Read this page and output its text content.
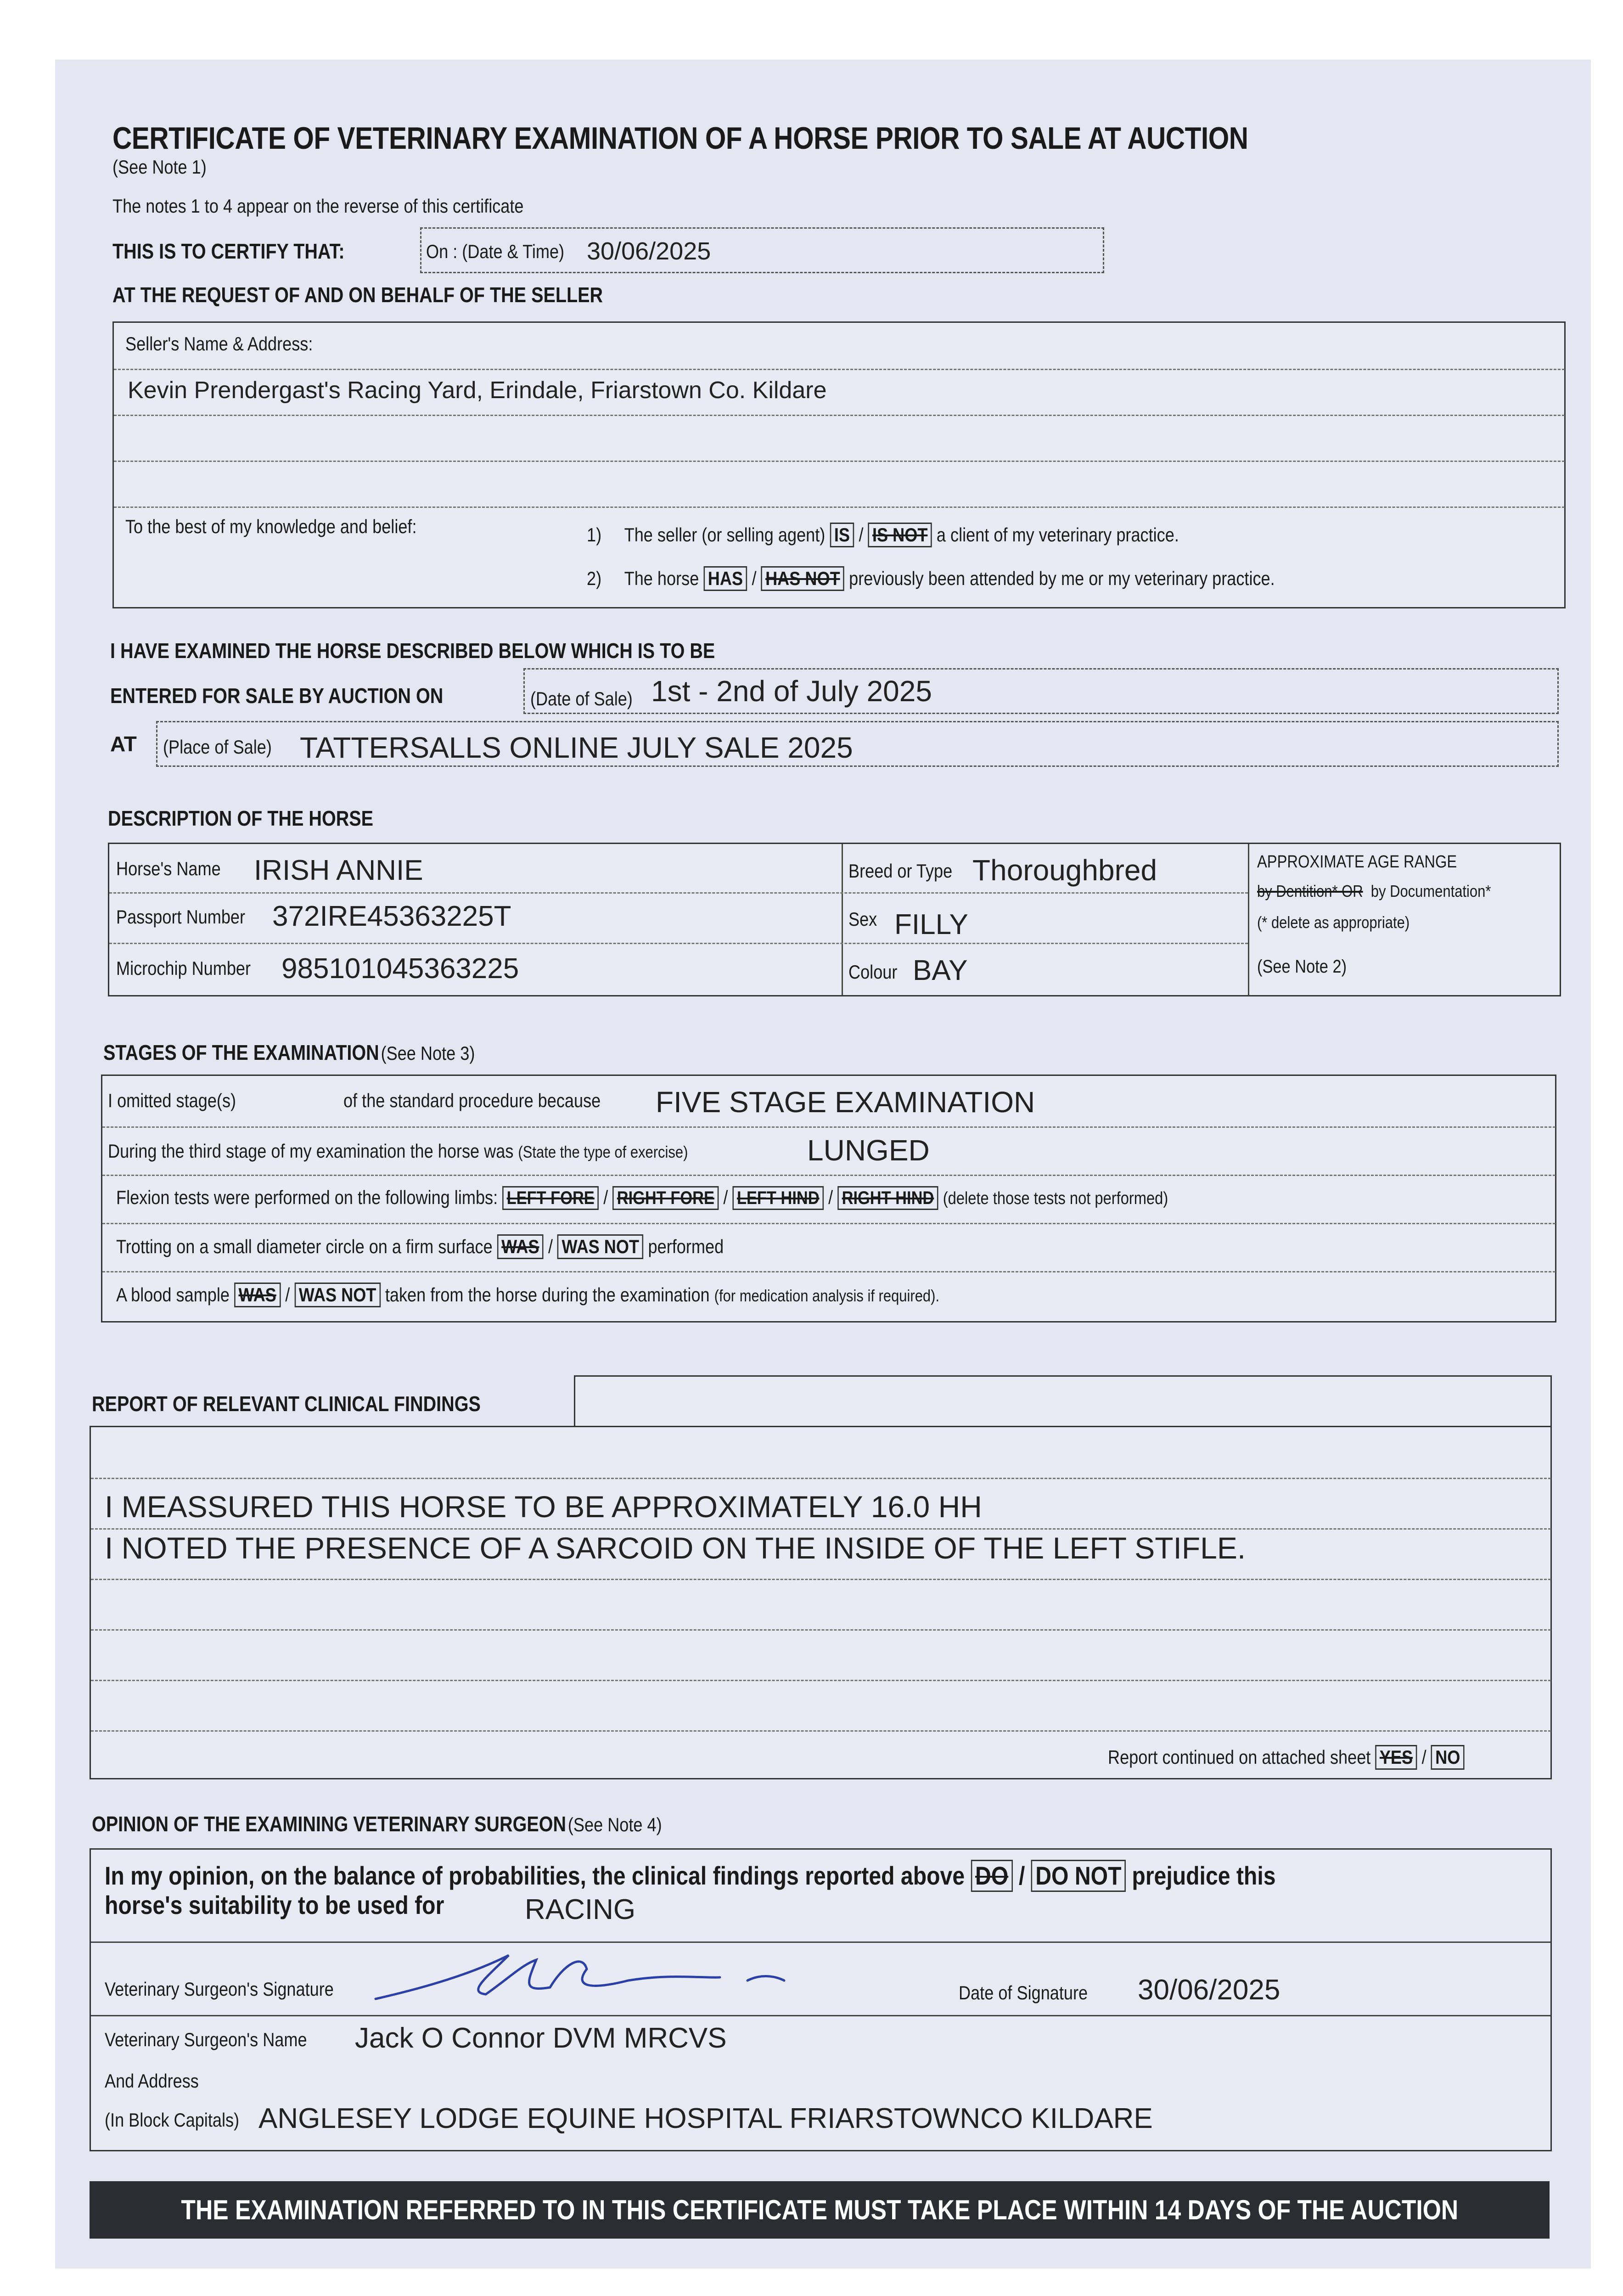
CERTIFICATE OF VETERINARY EXAMINATION OF A HORSE PRIOR TO SALE AT AUCTION
(See Note 1)
The notes 1 to 4 appear on the reverse of this certificate
THIS IS TO CERTIFY THAT:	On : (Date & Time) 30/06/2025
AT THE REQUEST OF AND ON BEHALF OF THE SELLER
Seller's Name & Address:
Kevin Prendergast's Racing Yard, Erindale, Friarstown Co. Kildare
To the best of my knowledge and belief:	1) The seller (or selling agent) IS / IS NOT a client of my veterinary practice.
2) The horse HAS / HAS NOT previously been attended by me or my veterinary practice.
I HAVE EXAMINED THE HORSE DESCRIBED BELOW WHICH IS TO BE
ENTERED FOR SALE BY AUCTION ON	(Date of Sale) 1st - 2nd of July 2025
AT (Place of Sale) TATTERSALLS ONLINE JULY SALE 2025
DESCRIPTION OF THE HORSE
Horse's Name	IRISH ANNIE
Passport Number 372IRE45363225T
Microchip Number	985101045363225
Breed or Type Thoroughbred
Sex FILLY
Colour BAY
APPROXIMATE AGE RANGE
by Dentition* OR by Documentation*
(* delete as appropriate)
(See Note 2)
STAGES OF THE EXAMINATION (See Note 3)
I omitted stage(s)	of the standard procedure because	FIVE STAGE EXAMINATION
During the third stage of my examination the horse was (State the type of exercise)	LUNGED
Flexion tests were performed on the following limbs: LEFT FORE / RIGHT FORE / LEFT HIND / RIGHT HIND (delete those tests not performed)
Trotting on a small diameter circle on a firm surface WAS / WAS NOT performed
A blood sample WAS / WAS NOT taken from the horse during the examination (for medication analysis if required).
REPORT OF RELEVANT CLINICAL FINDINGS
I MEASSURED THIS HORSE TO BE APPROXIMATELY 16.0 HH
I NOTED THE PRESENCE OF A SARCOID ON THE INSIDE OF THE LEFT STIFLE.
Report continued on attached sheet YES / NO
OPINION OF THE EXAMINING VETERINARY SURGEON (See Note 4)
In my opinion, on the balance of probabilities, the clinical findings reported above DO / DO NOT prejudice this
horse's suitability to be used for	RACING
Veterinary Surgeon's Signature	Date of Signature	30/06/2025
Veterinary Surgeon's Name	Jack O Connor DVM MRCVS
And Address
(In Block Capitals) ANGLESEY LODGE EQUINE HOSPITAL FRIARSTOWNCO KILDARE
THE EXAMINATION REFERRED TO IN THIS CERTIFICATE MUST TAKE PLACE WITHIN 14 DAYS OF THE AUCTION
